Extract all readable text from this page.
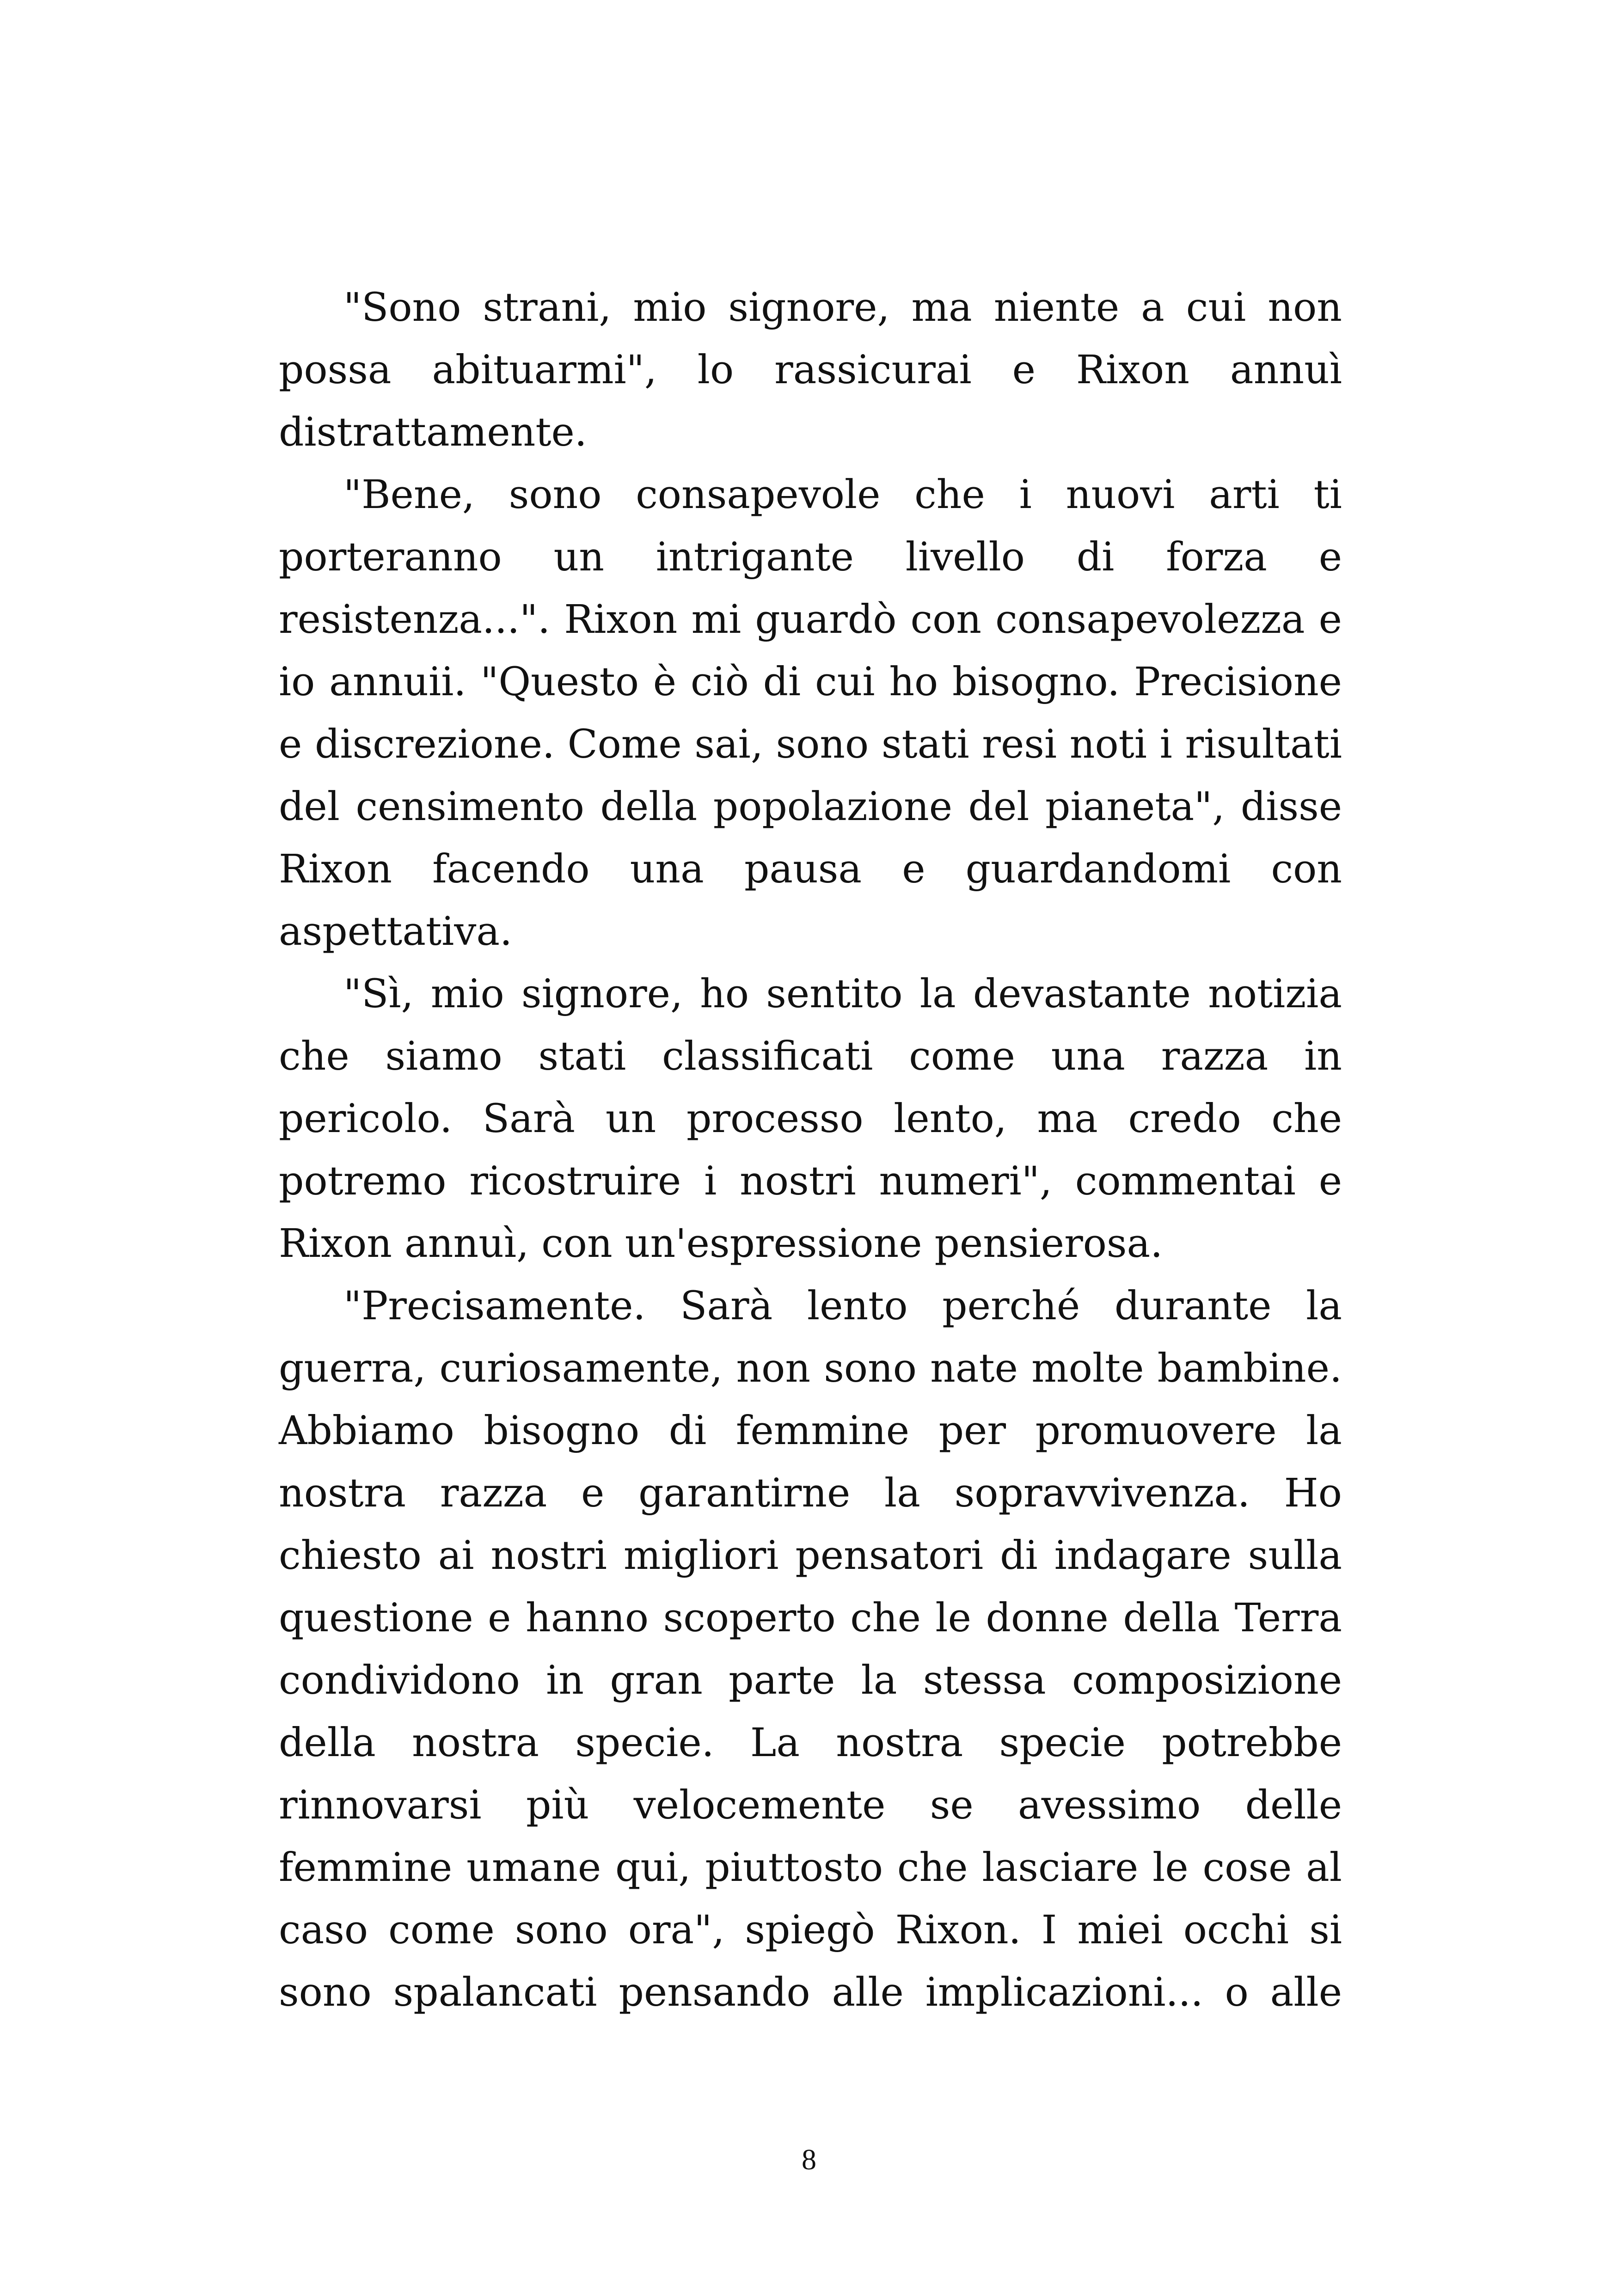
"Sono strani, mio signore, ma niente a cui non possa abituarmi", lo rassicurai e Rixon annuì distrattamente.

"Bene, sono consapevole che i nuovi arti ti porteranno un intrigante livello di forza e resistenza...". Rixon mi guardò con consapevolezza e io annuii. "Questo è ciò di cui ho bisogno. Precisione e discrezione. Come sai, sono stati resi noti i risultati del censimento della popolazione del pianeta", disse Rixon facendo una pausa e guardandomi con aspettativa.

"Sì, mio signore, ho sentito la devastante notizia che siamo stati classificati come una razza in pericolo. Sarà un processo lento, ma credo che potremo ricostruire i nostri numeri", commentai e Rixon annuì, con un'espressione pensierosa.

"Precisamente. Sarà lento perché durante la guerra, curiosamente, non sono nate molte bambine. Abbiamo bisogno di femmine per promuovere la nostra razza e garantirne la sopravvivenza. Ho chiesto ai nostri migliori pensatori di indagare sulla questione e hanno scoperto che le donne della Terra condividono in gran parte la stessa composizione della nostra specie. La nostra specie potrebbe rinnovarsi più velocemente se avessimo delle femmine umane qui, piuttosto che lasciare le cose al caso come sono ora", spiegò Rixon. I miei occhi si sono spalancati pensando alle implicazioni... o alle

8
